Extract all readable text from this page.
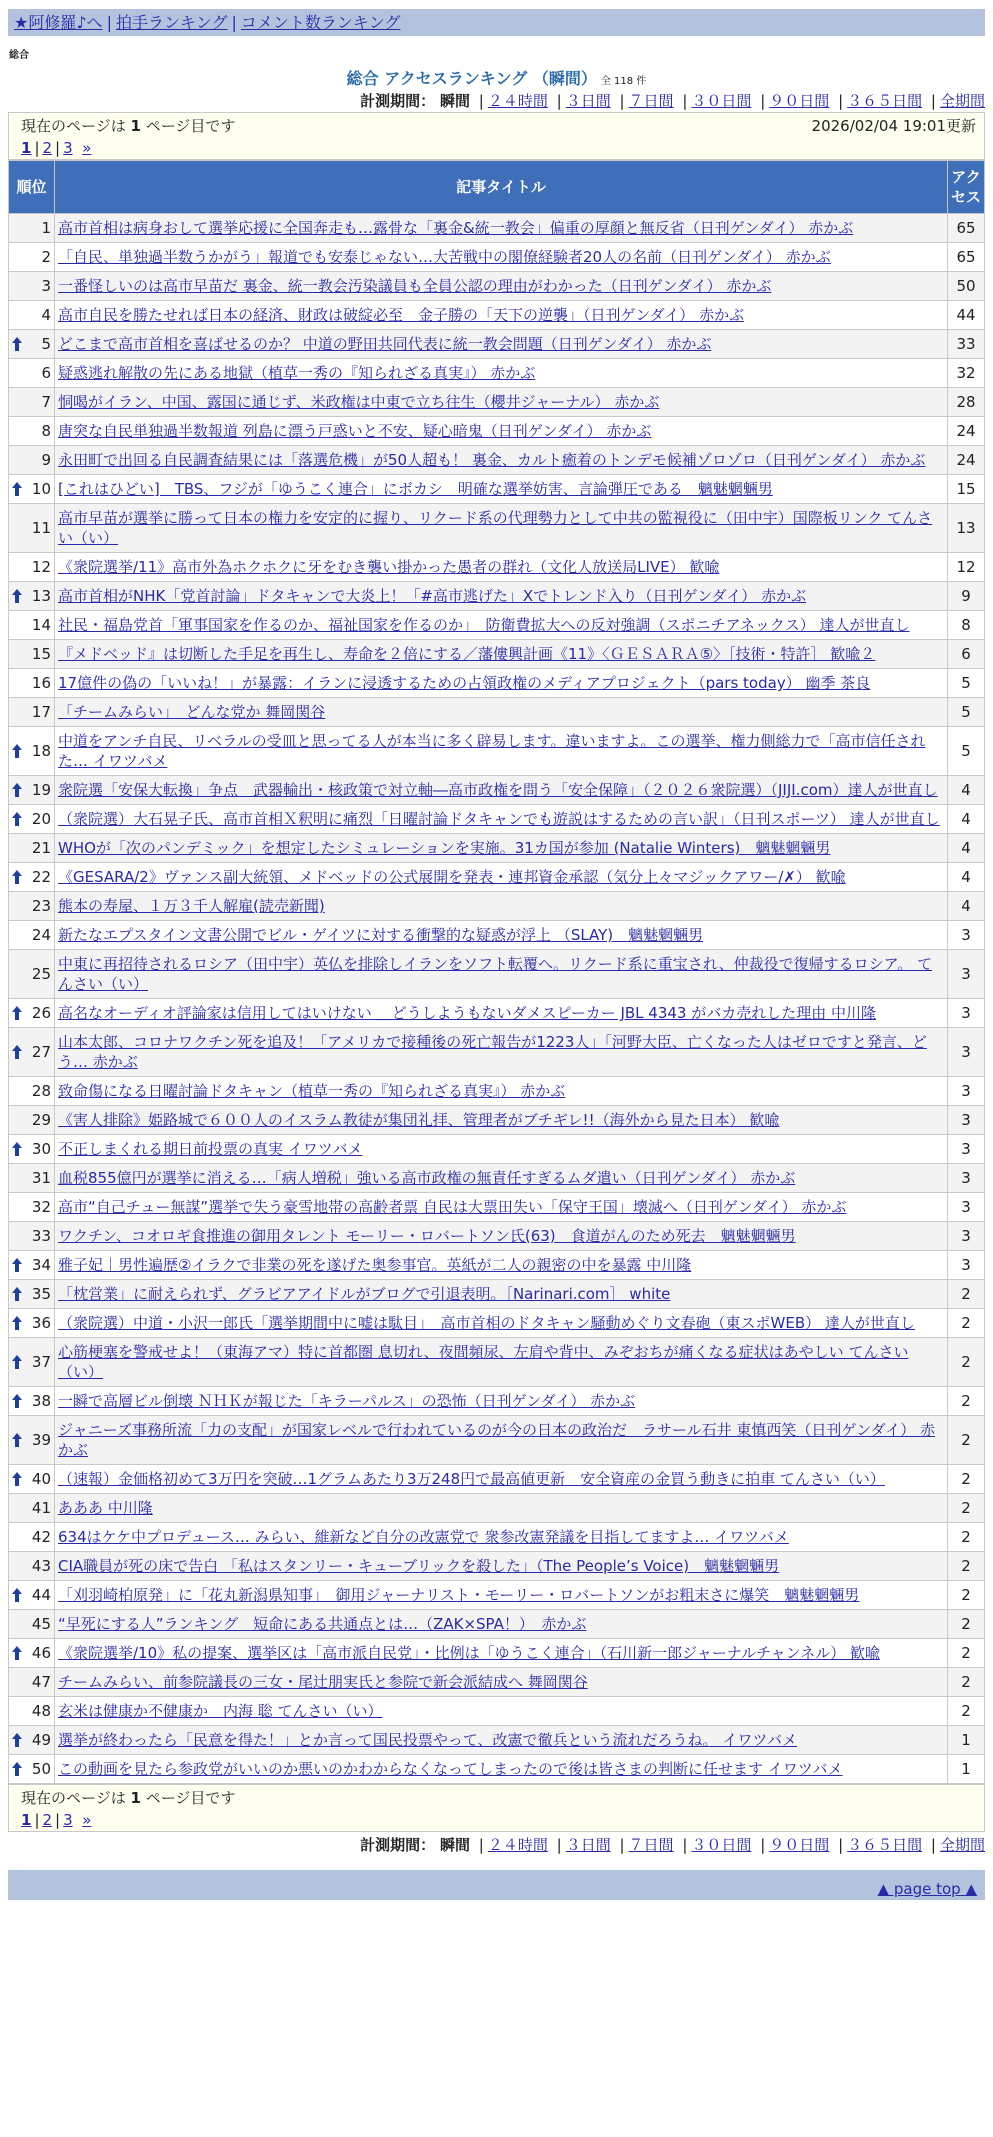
★阿修羅♪へ | 拍手ランキング | コメント数ランキング
総合
総合 アクセスランキング （瞬間） 全 118 件
計測期間： 瞬間 | ２４時間 | ３日間 | ７日間 | ３０日間 | ９０日間 | ３６５日間 | 全期間
現在のページは 1 ページ目です	2026/02/04 19:01更新
1 | 2 | 3 »
順位	記事タイトル	アクセス
1	高市首相は病身おして選挙応援に全国奔走も…露骨な「裏金&統一教会」偏重の厚顔と無反省（日刊ゲンダイ） 赤かぶ	65
2	「自民、単独過半数うかがう」報道でも安泰じゃない…大苦戦中の閣僚経験者20人の名前（日刊ゲンダイ） 赤かぶ	65
3	一番怪しいのは高市早苗だ 裏金、統一教会汚染議員も全員公認の理由がわかった（日刊ゲンダイ） 赤かぶ	50
4	高市自民を勝たせれば日本の経済、財政は破綻必至　金子勝の「天下の逆襲」（日刊ゲンダイ） 赤かぶ	44

5	どこまで高市首相を喜ばせるのか？ 中道の野田共同代表に統一教会問題（日刊ゲンダイ） 赤かぶ	33
6	疑惑逃れ解散の先にある地獄（植草一秀の『知られざる真実』） 赤かぶ	32
7	恫喝がイラン、中国、露国に通じず、米政権は中東で立ち往生（櫻井ジャーナル） 赤かぶ	28
8	唐突な自民単独過半数報道 列島に漂う戸惑いと不安、疑心暗鬼（日刊ゲンダイ） 赤かぶ	24
9	永田町で出回る自民調査結果には「落選危機」が50人超も！ 裏金、カルト癒着のトンデモ候補ゾロゾロ（日刊ゲンダイ） 赤かぶ	24

10	[これはひどい]　TBS、フジが「ゆうこく連合」にボカシ　明確な選挙妨害、言論弾圧である　魑魅魍魎男	15
11	高市早苗が選挙に勝って日本の権力を安定的に握り、リクード系の代理勢力として中共の監視役に（田中宇）国際板リンク てんさい（い）	13
12	《衆院選挙/11》高市外為ホクホクに牙をむき襲い掛かった愚者の群れ（文化人放送局LIVE） 歓喩	12

13	高市首相がNHK「党首討論」ドタキャンで大炎上！「#高市逃げた」Xでトレンド入り（日刊ゲンダイ） 赤かぶ	9
14	社民・福島党首「軍事国家を作るのか、福祉国家を作るのか」　防衛費拡大への反対強調（スポニチアネックス） 達人が世直し	8
15	『メドベッド』は切断した手足を再生し、寿命を２倍にする／藩僂興計画《11》〈ＧＥＳＡＲＡ⑤〉［技術・特許］ 歓喩２	6
16	17億件の偽の「いいね！」が暴露：イランに浸透するための占領政権のメディアプロジェクト（pars today） 幽季 茶良	5
17	「チームみらい」　どんな党か 舞岡関谷	5

18	中道をアンチ自民、リベラルの受皿と思ってる人が本当に多く辟易します。違いますよ。この選挙、権力側総力で「高市信任された… イワツバメ	5

19	衆院選「安保大転換」争点　武器輸出・核政策で対立軸―高市政権を問う「安全保障」（２０２６衆院選）（JIJI.com）達人が世直し	4

20	（衆院選）大石晃子氏、高市首相Ｘ釈明に痛烈「日曜討論ドタキャンでも遊説はするための言い訳」（日刊スポーツ） 達人が世直し	4
21	WHOが「次のパンデミック」を想定したシミュレーションを実施。31カ国が参加 (Natalie Winters)　魑魅魍魎男	4

22	《GESARA/2》ヴァンス副大統領、メドベッドの公式展開を発表・連邦資金承認（気分上々マジックアワー/✗） 歓喩	4
23	熊本の寿屋、１万３千人解雇(読売新聞)	4
24	新たなエプスタイン文書公開でビル・ゲイツに対する衝撃的な疑惑が浮上 （SLAY)　魑魅魍魎男	3
25	中東に再招待されるロシア（田中宇）英仏を排除しイランをソフト転覆へ。リクード系に重宝され、仲裁役で復帰するロシア。 てんさい（い）	3

26	高名なオーディオ評論家は信用してはいけない ＿どうしようもないダメスピーカー JBL 4343 がバカ売れした理由 中川隆	3

27	山本太郎、コロナワクチン死を追及！「アメリカで接種後の死亡報告が1223人」「河野大臣、亡くなった人はゼロですと発言、どう… 赤かぶ	3
28	致命傷になる日曜討論ドタキャン（植草一秀の『知られざる真実』） 赤かぶ	3
29	《害人排除》姫路城で６００人のイスラム教徒が集団礼拝、管理者がブチギレ!!（海外から見た日本） 歓喩	3

30	不正しまくれる期日前投票の真実 イワツバメ	3
31	血税855億円が選挙に消える…「病人増税」強いる高市政権の無責任すぎるムダ遣い（日刊ゲンダイ） 赤かぶ	3
32	高市“自己チュー無謀”選挙で失う豪雪地帯の高齢者票 自民は大票田失い「保守王国」壊滅へ（日刊ゲンダイ） 赤かぶ	3
33	ワクチン、コオロギ食推進の御用タレント モーリー・ロバートソン氏(63)　食道がんのため死去　魑魅魍魎男	3

34	雅子妃｜男性遍歴②イラクで非業の死を遂げた奥参事官。英紙が二人の親密の中を暴露 中川隆	3

35	「枕営業」に耐えられず、グラビアアイドルがブログで引退表明。［Narinari.com］ white	2

36	（衆院選）中道・小沢一郎氏「選挙期間中に嘘は駄目」　高市首相のドタキャン騒動めぐり文春砲（東スポWEB） 達人が世直し	2

37	心筋梗塞を警戒せよ！（東海アマ）特に首都圏 息切れ、夜間頻尿、左肩や背中、みぞおちが痛くなる症状はあやしい てんさい（い）	2

38	一瞬で高層ビル倒壊 ＮＨＫが報じた「キラーパルス」の恐怖（日刊ゲンダイ） 赤かぶ	2

39	ジャニーズ事務所流「力の支配」が国家レベルで行われているのが今の日本の政治だ　ラサール石井 東慎西笑（日刊ゲンダイ） 赤かぶ	2

40	（速報）金価格初めて3万円を突破…1グラムあたり3万248円で最高値更新　安全資産の金買う動きに拍車 てんさい（い）	2
41	あああ 中川隆	2
42	634はケケ中プロデュース… みらい、維新など自分の改憲党で 衆参改憲発議を目指してますよ… イワツバメ	2
43	CIA職員が死の床で告白 「私はスタンリー・キューブリックを殺した」（The People’s Voice)　魑魅魍魎男	2

44	「刈羽崎柏原発」に「花丸新潟県知事」　御用ジャーナリスト・モーリー・ロバートソンがお粗末さに爆笑　魑魅魍魎男	2
45	“早死にする人”ランキング　短命にある共通点とは…（ZAK×SPA！）　赤かぶ	2

46	《衆院選挙/10》私の提案、選挙区は「高市派自民党」・比例は「ゆうこく連合」（石川新一郎ジャーナルチャンネル） 歓喩	2
47	チームみらい、前参院議長の三女・尾辻朋実氏と参院で新会派結成へ 舞岡関谷	2
48	玄米は健康か不健康か　内海 聡 てんさい（い）	2

49	選挙が終わったら「民意を得た！」とか言って国民投票やって、改憲で徹兵という流れだろうね。 イワツバメ	1

50	この動画を見たら参政党がいいのか悪いのかわからなくなってしまったので後は皆さまの判断に任せます イワツバメ	1
現在のページは 1 ページ目です
1 | 2 | 3 »
計測期間： 瞬間 | ２４時間 | ３日間 | ７日間 | ３０日間 | ９０日間 | ３６５日間 | 全期間
▲ page top ▲
